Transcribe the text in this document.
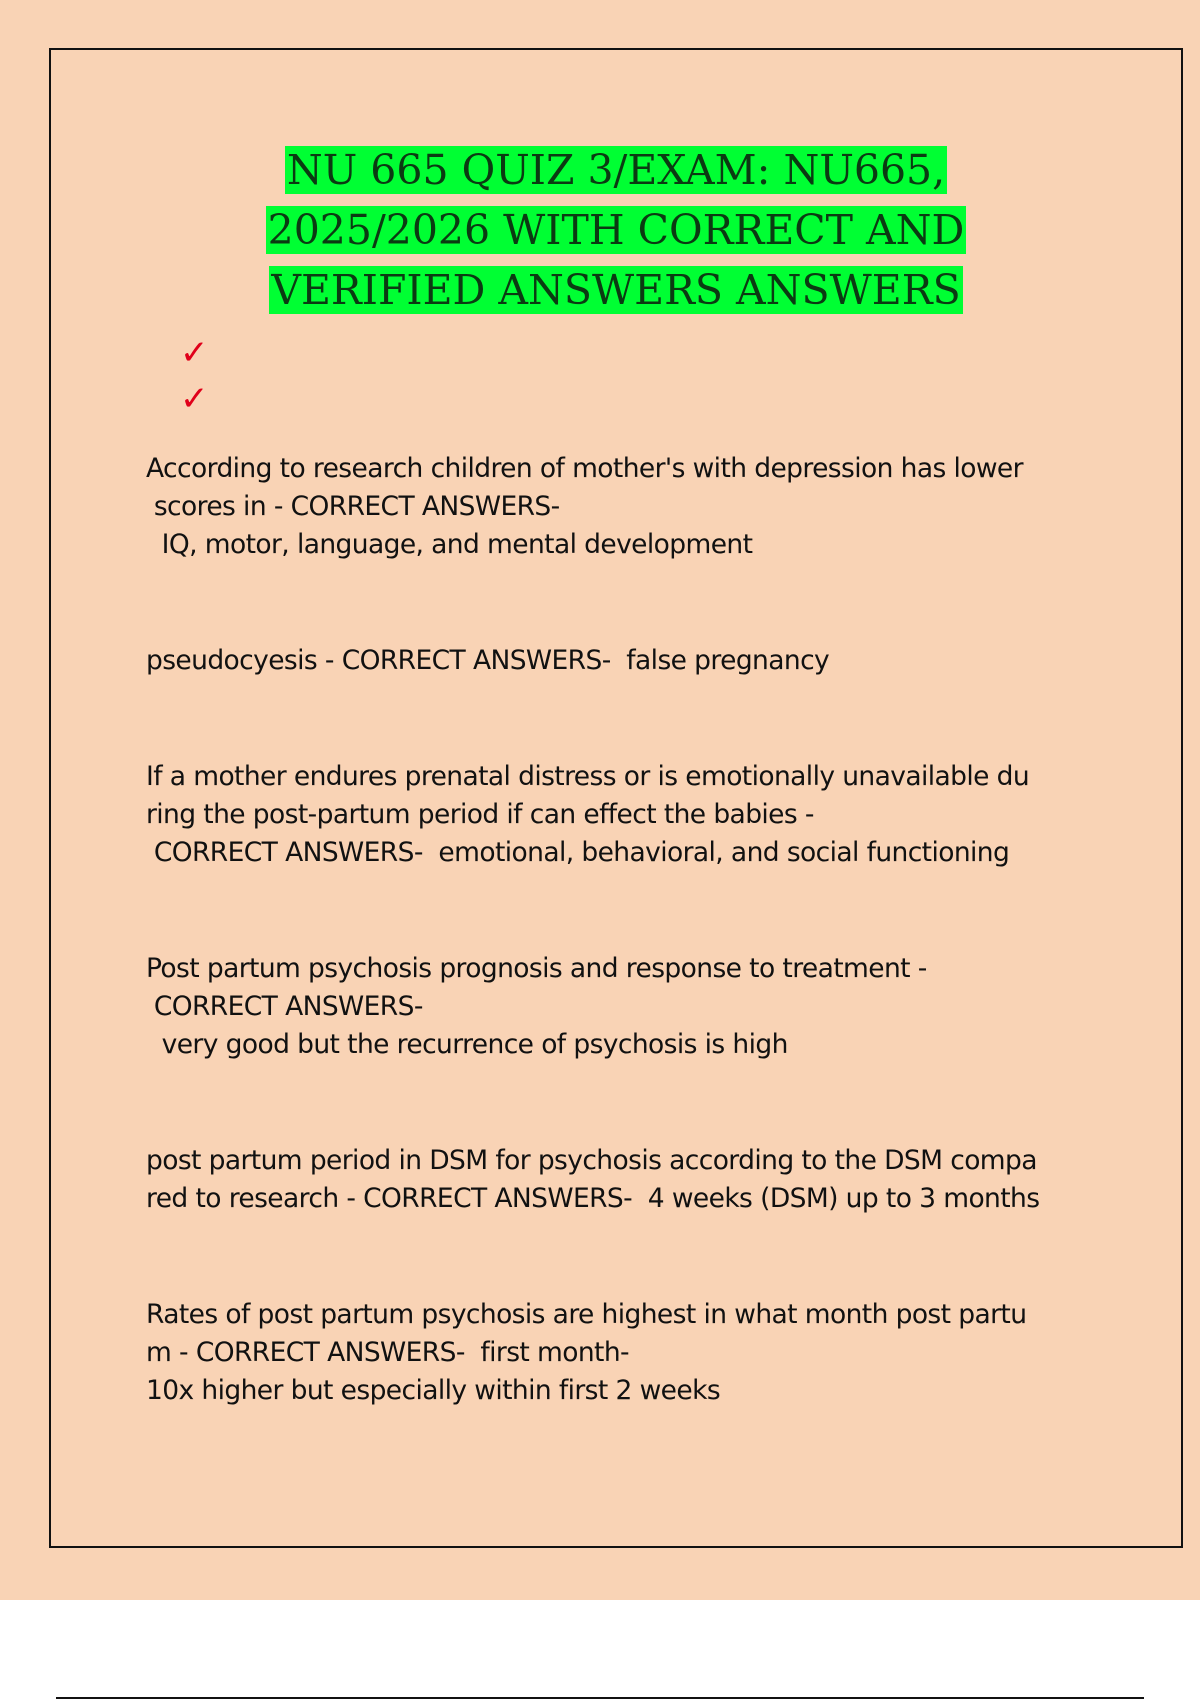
NU 665 QUIZ 3/EXAM: NU665,
2025/2026 WITH CORRECT AND
VERIFIED ANSWERS ANSWERS
✓
✓
According to research children of mother's with depression has lower
scores in - CORRECT ANSWERS-
IQ, motor, language, and mental development
pseudocyesis - CORRECT ANSWERS-  false pregnancy
If a mother endures prenatal distress or is emotionally unavailable du
ring the post-partum period if can effect the babies -
CORRECT ANSWERS-  emotional, behavioral, and social functioning
Post partum psychosis prognosis and response to treatment -
CORRECT ANSWERS-
very good but the recurrence of psychosis is high
post partum period in DSM for psychosis according to the DSM compa
red to research - CORRECT ANSWERS-  4 weeks (DSM) up to 3 months
Rates of post partum psychosis are highest in what month post partu
m - CORRECT ANSWERS-  first month-
10x higher but especially within first 2 weeks
